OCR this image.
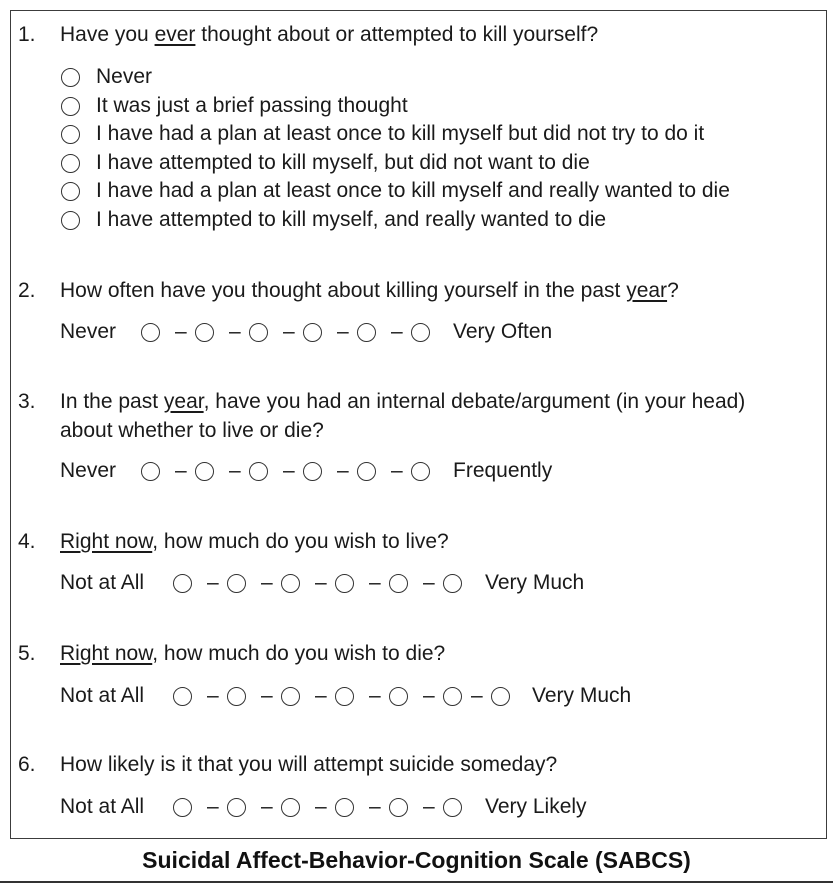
1. Have you ever thought about or attempted to kill yourself?
Never
It was just a brief passing thought
I have had a plan at least once to kill myself but did not try to do it
I have attempted to kill myself, but did not want to die
I have had a plan at least once to kill myself and really wanted to die
I have attempted to kill myself, and really wanted to die
2. How often have you thought about killing yourself in the past year?
Never	– – – – – Very Often
3. In the past year, have you had an internal debate/argument (in your head)
about whether to live or die?
Never	– – – – – Frequently
4. Right now, how much do you wish to live?
Not at All	– – – – – Very Much
5. Right now, how much do you wish to die?
Not at All	– – – – – – Very Much
6. How likely is it that you will attempt suicide someday?
Not at All	– – – – – Very Likely
Suicidal Affect-Behavior-Cognition Scale (SABCS)
